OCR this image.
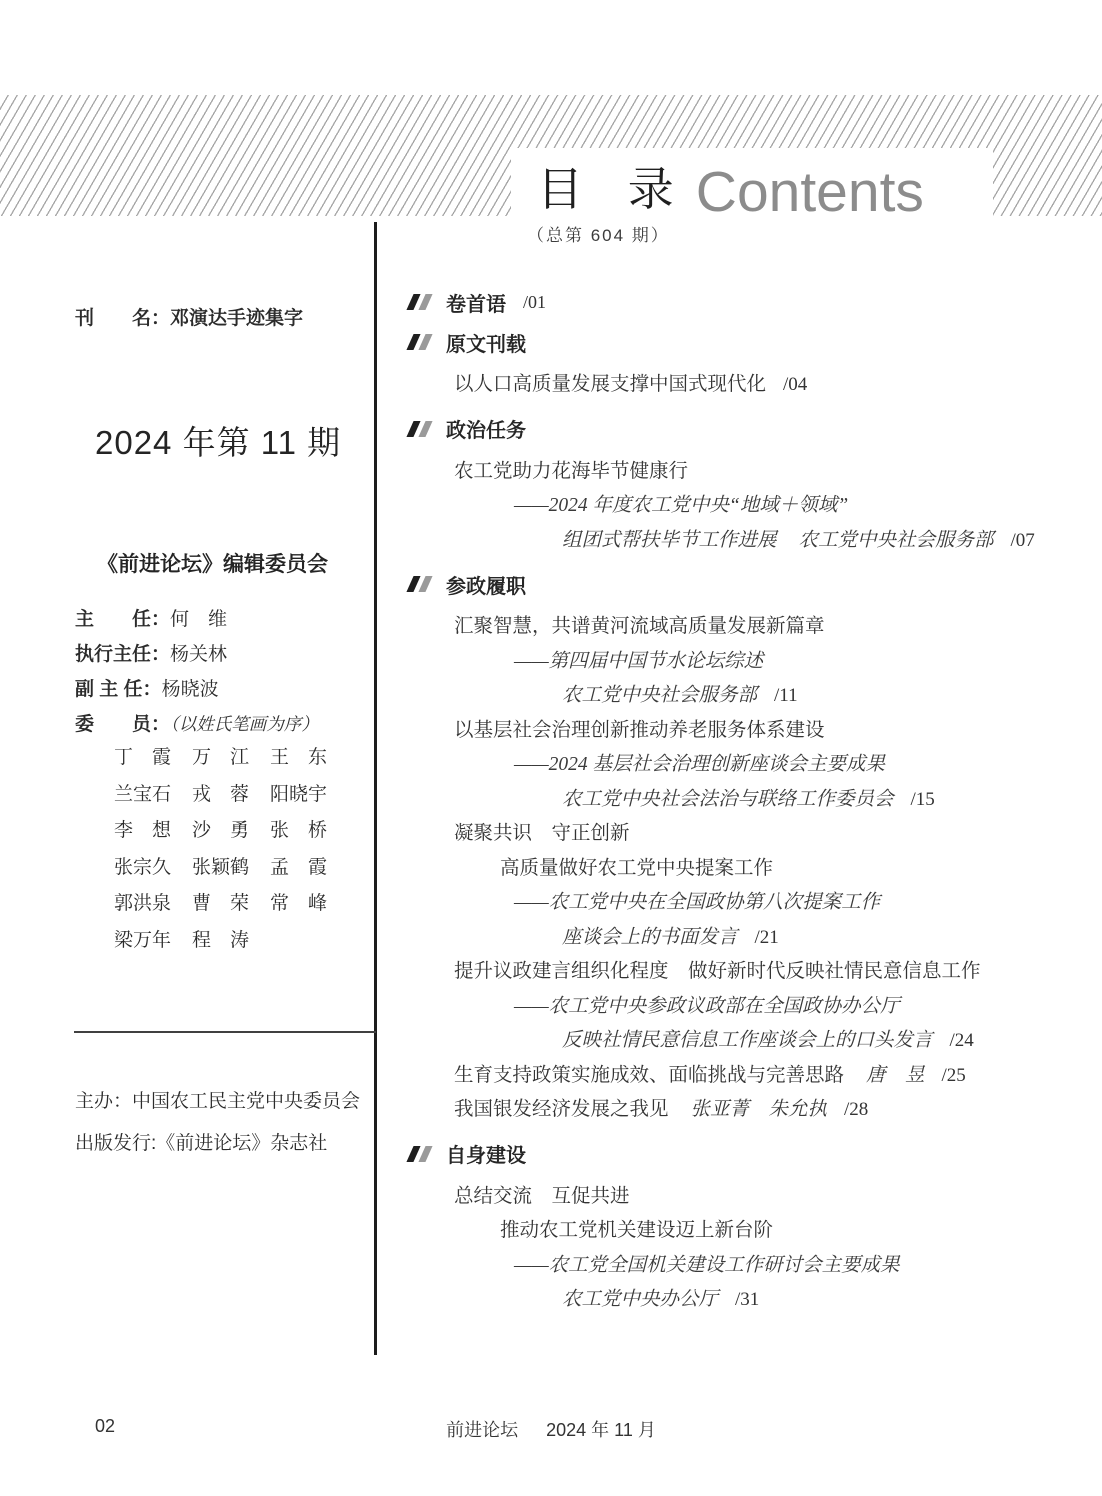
目 录 Contents
（总第 604 期）
刊　　名：邓演达手迹集字
2024 年第 11 期
《前进论坛》编辑委员会
主　　任：何　维
执行主任：杨关林
副 主 任：杨晓波
委　　员：（以姓氏笔画为序）
丁　霞	万　江	王　东
兰宝石	戎　蓉	阳晓宇
李　想	沙　勇	张　桥
张宗久	张颖鹤	孟　霞
郭洪泉	曹　荣	常　峰
梁万年	程　涛
主办：中国农工民主党中央委员会
出版发行:《前进论坛》杂志社
卷首语 /01
原文刊载
以人口高质量发展支撑中国式现代化 /04
政治任务
农工党助力花海毕节健康行
——2024 年度农工党中央“地域＋领域”
组团式帮扶毕节工作进展 农工党中央社会服务部 /07
参政履职
汇聚智慧，共谱黄河流域高质量发展新篇章
——第四届中国节水论坛综述
农工党中央社会服务部 /11
以基层社会治理创新推动养老服务体系建设
——2024 基层社会治理创新座谈会主要成果
农工党中央社会法治与联络工作委员会 /15
凝聚共识　守正创新
高质量做好农工党中央提案工作
——农工党中央在全国政协第八次提案工作
座谈会上的书面发言 /21
提升议政建言组织化程度　做好新时代反映社情民意信息工作
——农工党中央参政议政部在全国政协办公厅
反映社情民意信息工作座谈会上的口头发言 /24
生育支持政策实施成效、面临挑战与完善思路 唐　昱 /25
我国银发经济发展之我见 张亚菁　朱允执 /28
自身建设
总结交流　互促共进
推动农工党机关建设迈上新台阶
——农工党全国机关建设工作研讨会主要成果
农工党中央办公厅 /31
02	前进论坛 2024 年 11 月
